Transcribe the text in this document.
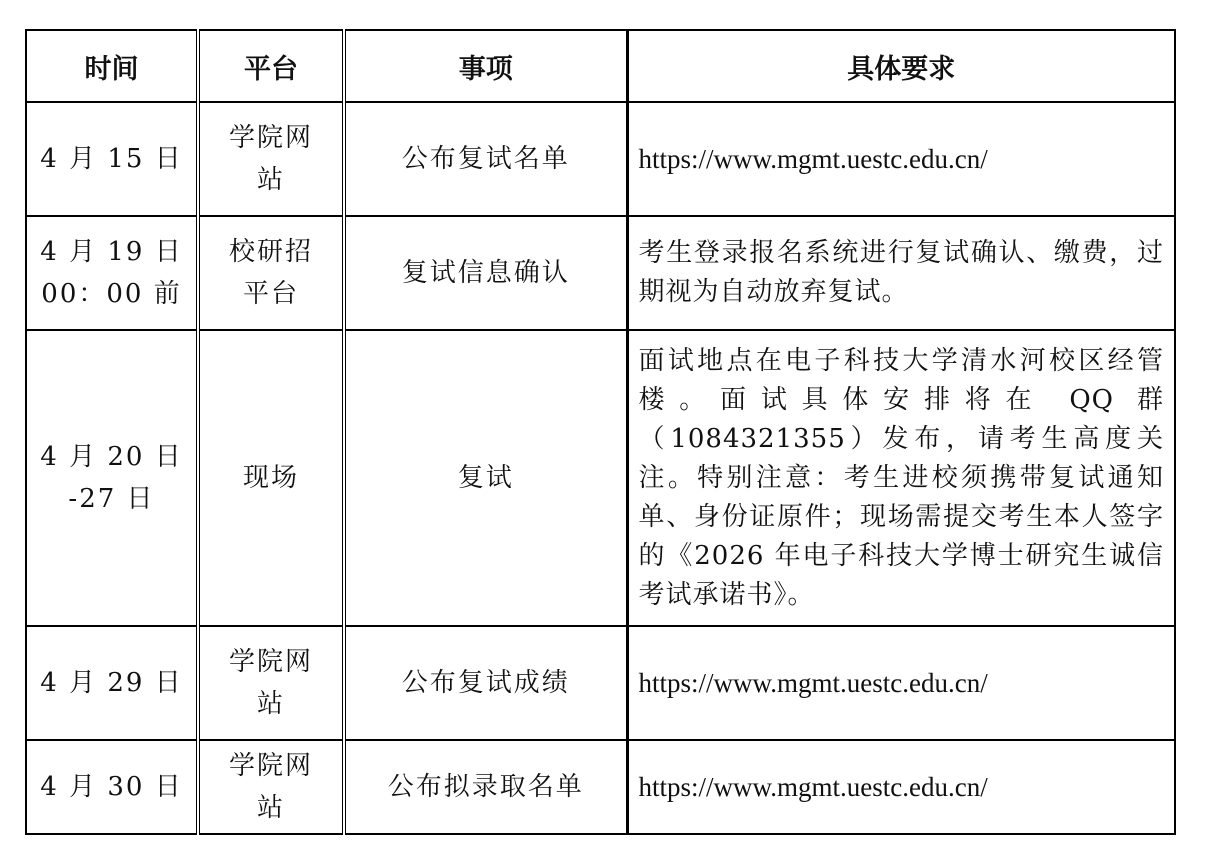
时间	平台	事项	具体要求

4 月 15 日	学院网站	公布复试名单	https://www.mgmt.uestc.edu.cn/

4 月 19 日
00：00 前	校研招平台	复试信息确认	考生登录报名系统进行复试确认、缴费，过期视为自动放弃复试。

4 月 20 日
-27 日	现场	复试	面试地点在电子科技大学清水河校区经管楼。面试具体安排将在 QQ 群（1084321355）发布，请考生高度关注。特别注意：考生进校须携带复试通知单、身份证原件；现场需提交考生本人签字的《2026 年电子科技大学博士研究生诚信考试承诺书》。

4 月 29 日	学院网站	公布复试成绩	https://www.mgmt.uestc.edu.cn/

4 月 30 日	学院网站	公布拟录取名单	https://www.mgmt.uestc.edu.cn/
